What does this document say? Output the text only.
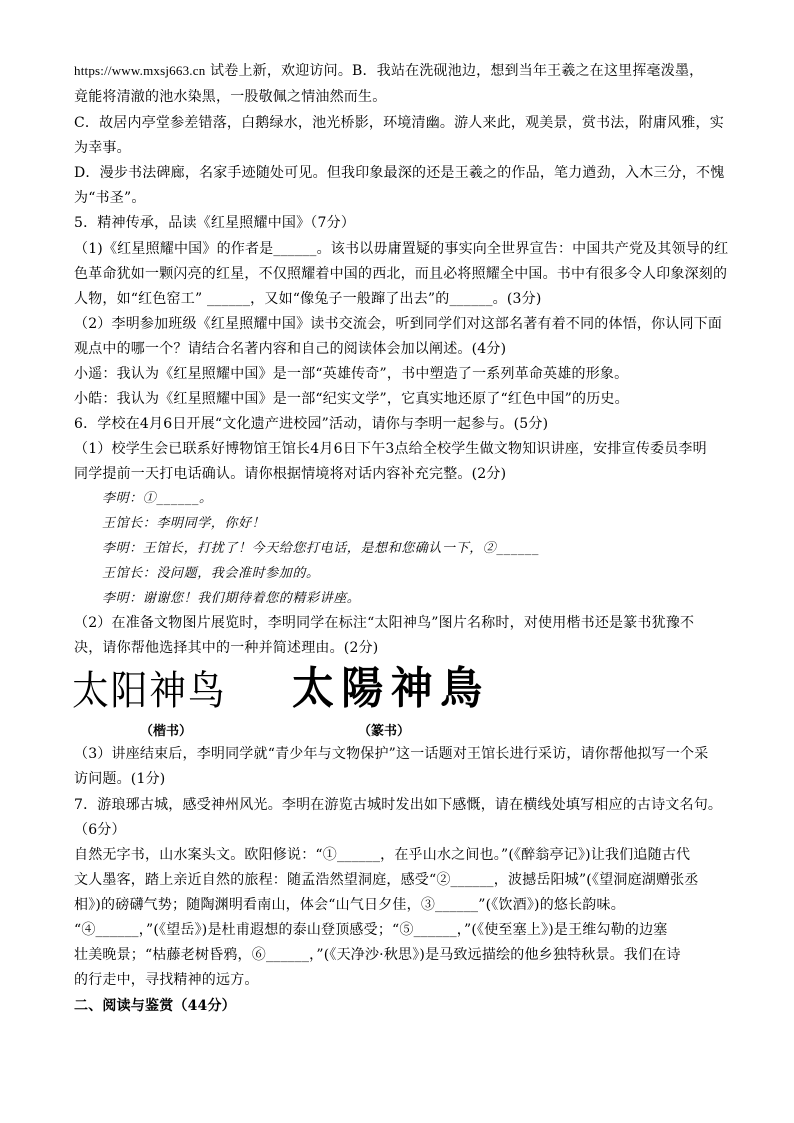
https://www.mxsj663.cn 试卷上新，欢迎访问。B．我站在洗砚池边，想到当年王羲之在这里挥毫泼墨，
竟能将清澈的池水染黑，一股敬佩之情油然而生。
C．故居内亭堂参差错落，白鹅绿水，池光桥影，环境清幽。游人来此，观美景，赏书法，附庸风雅，实
为幸事。
D．漫步书法碑廊，名家手迹随处可见。但我印象最深的还是王羲之的作品，笔力遒劲，入木三分，不愧
为“书圣”。
5．精神传承，品读《红星照耀中国》（7分）
（1)《红星照耀中国》的作者是______。该书以毋庸置疑的事实向全世界宣告：中国共产党及其领导的红
色革命犹如一颗闪亮的红星，不仅照耀着中国的西北，而且必将照耀全中国。书中有很多令人印象深刻的
人物，如“红色窑工” ______，又如“像兔子一般蹿了出去”的______。(3分)
（2）李明参加班级《红星照耀中国》读书交流会，听到同学们对这部名著有着不同的体悟，你认同下面
观点中的哪一个？请结合名著内容和自己的阅读体会加以阐述。(4分)
小遥：我认为《红星照耀中国》是一部“英雄传奇”，书中塑造了一系列革命英雄的形象。
小皓：我认为《红星照耀中国》是一部“纪实文学”，它真实地还原了“红色中国”的历史。
6．学校在4月6日开展“文化遗产进校园”活动，请你与李明一起参与。(5分)
（1）校学生会已联系好博物馆王馆长4月6日下午3点给全校学生做文物知识讲座，安排宣传委员李明
同学提前一天打电话确认。请你根据情境将对话内容补充完整。(2分)
李明：①______。
王馆长：李明同学，你好！
李明：王馆长，打扰了！今天给您打电话，是想和您确认一下，②______
王馆长：没问题，我会准时参加的。
李明：谢谢您！我们期待着您的精彩讲座。
（2）在准备文物图片展览时，李明同学在标注“太阳神鸟”图片名称时，对使用楷书还是篆书犹豫不
决，请你帮他选择其中的一种并简述理由。(2分)
太阳神鸟 太陽神鳥
（楷书）	（篆书）
（3）讲座结束后，李明同学就“青少年与文物保护”这一话题对王馆长进行采访，请你帮他拟写一个采
访问题。(1分)
7．游琅琊古城，感受神州风光。李明在游览古城时发出如下感慨，请在横线处填写相应的古诗文名句。
（6分）
自然无字书，山水案头文。欧阳修说：“①______，在乎山水之间也。”(《醉翁亭记》)让我们追随古代
文人墨客，踏上亲近自然的旅程：随孟浩然望洞庭，感受“②______，波撼岳阳城”(《望洞庭湖赠张丞
相》)的磅礴气势；随陶渊明看南山，体会“山气日夕佳，③______”(《饮酒》)的悠长韵味。
“④______，”(《望岳》)是杜甫遐想的泰山登顶感受；“⑤______，”(《使至塞上》)是王维勾勒的边塞
壮美晚景；“枯藤老树昏鸦，⑥______，”(《天净沙·秋思》)是马致远描绘的他乡独特秋景。我们在诗
的行走中，寻找精神的远方。
二、阅读与鉴赏（44分）
